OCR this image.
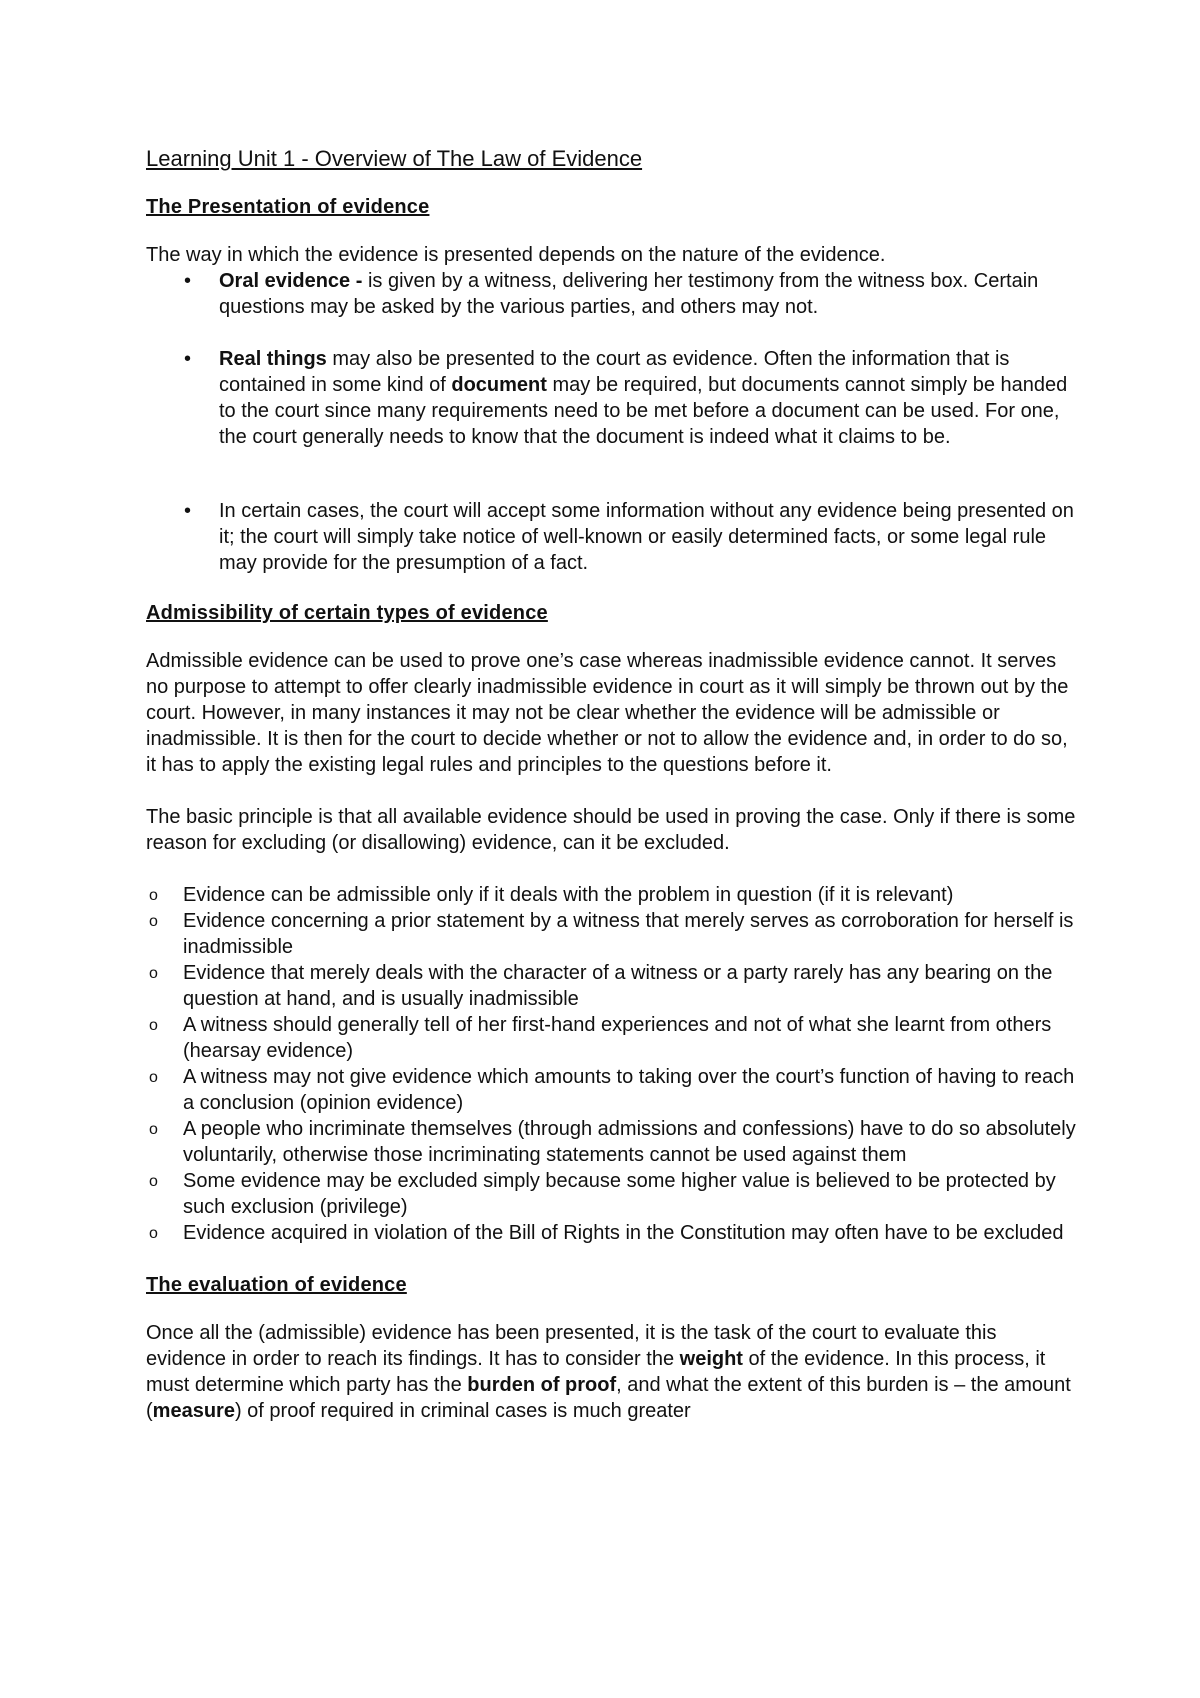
Learning Unit 1 - Overview of The Law of Evidence
The Presentation of evidence

The way in which the evidence is presented depends on the nature of the evidence.

• Oral evidence - is given by a witness, delivering her testimony from the witness box. Certain questions may be asked by the various parties, and others may not.
• Real things may also be presented to the court as evidence. Often the information that is contained in some kind of document may be required, but documents cannot simply be handed to the court since many requirements need to be met before a document can be used. For one, the court generally needs to know that the document is indeed what it claims to be.
• In certain cases, the court will accept some information without any evidence being presented on it; the court will simply take notice of well-known or easily determined facts, or some legal rule may provide for the presumption of a fact.
Admissibility of certain types of evidence

Admissible evidence can be used to prove one’s case whereas inadmissible evidence cannot. It serves no purpose to attempt to offer clearly inadmissible evidence in court as it will simply be thrown out by the court. However, in many instances it may not be clear whether the evidence will be admissible or inadmissible. It is then for the court to decide whether or not to allow the evidence and, in order to do so, it has to apply the existing legal rules and principles to the questions before it.

The basic principle is that all available evidence should be used in proving the case. Only if there is some reason for excluding (or disallowing) evidence, can it be excluded.

o Evidence can be admissible only if it deals with the problem in question (if it is relevant)
o Evidence concerning a prior statement by a witness that merely serves as corroboration for herself is inadmissible
o Evidence that merely deals with the character of a witness or a party rarely has any bearing on the question at hand, and is usually inadmissible
o A witness should generally tell of her first-hand experiences and not of what she learnt from others (hearsay evidence)
o A witness may not give evidence which amounts to taking over the court’s function of having to reach a conclusion (opinion evidence)
o A people who incriminate themselves (through admissions and confessions) have to do so absolutely voluntarily, otherwise those incriminating statements cannot be used against them
o Some evidence may be excluded simply because some higher value is believed to be protected by such exclusion (privilege)
o Evidence acquired in violation of the Bill of Rights in the Constitution may often have to be excluded
The evaluation of evidence

Once all the (admissible) evidence has been presented, it is the task of the court to evaluate this evidence in order to reach its findings. It has to consider the weight of the evidence. In this process, it must determine which party has the burden of proof, and what the extent of this burden is – the amount (measure) of proof required in criminal cases is much greater
